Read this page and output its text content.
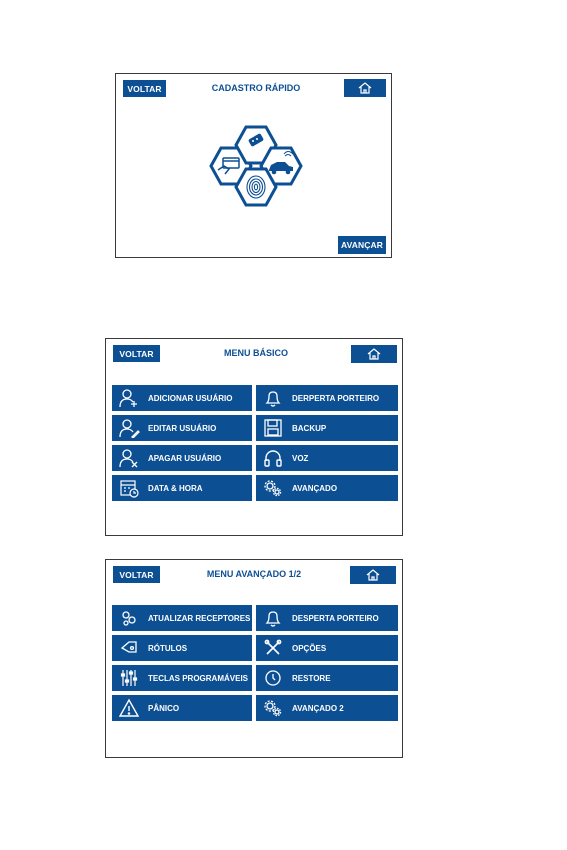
VOLTAR	CADASTRO RÁPIDO
AVANÇAR
VOLTAR	MENU BÁSICO
ADICIONAR USUÁRIO	DERPERTA PORTEIRO
EDITAR USUÁRIO	BACKUP
APAGAR USUÁRIO	VOZ
DATA & HORA	AVANÇADO
VOLTAR	MENU AVANÇADO 1/2
ATUALIZAR RECEPTORES	DESPERTA PORTEIRO
RÓTULOS	OPÇÕES
TECLAS PROGRAMÁVEIS	RESTORE
PÂNICO	AVANÇADO 2
